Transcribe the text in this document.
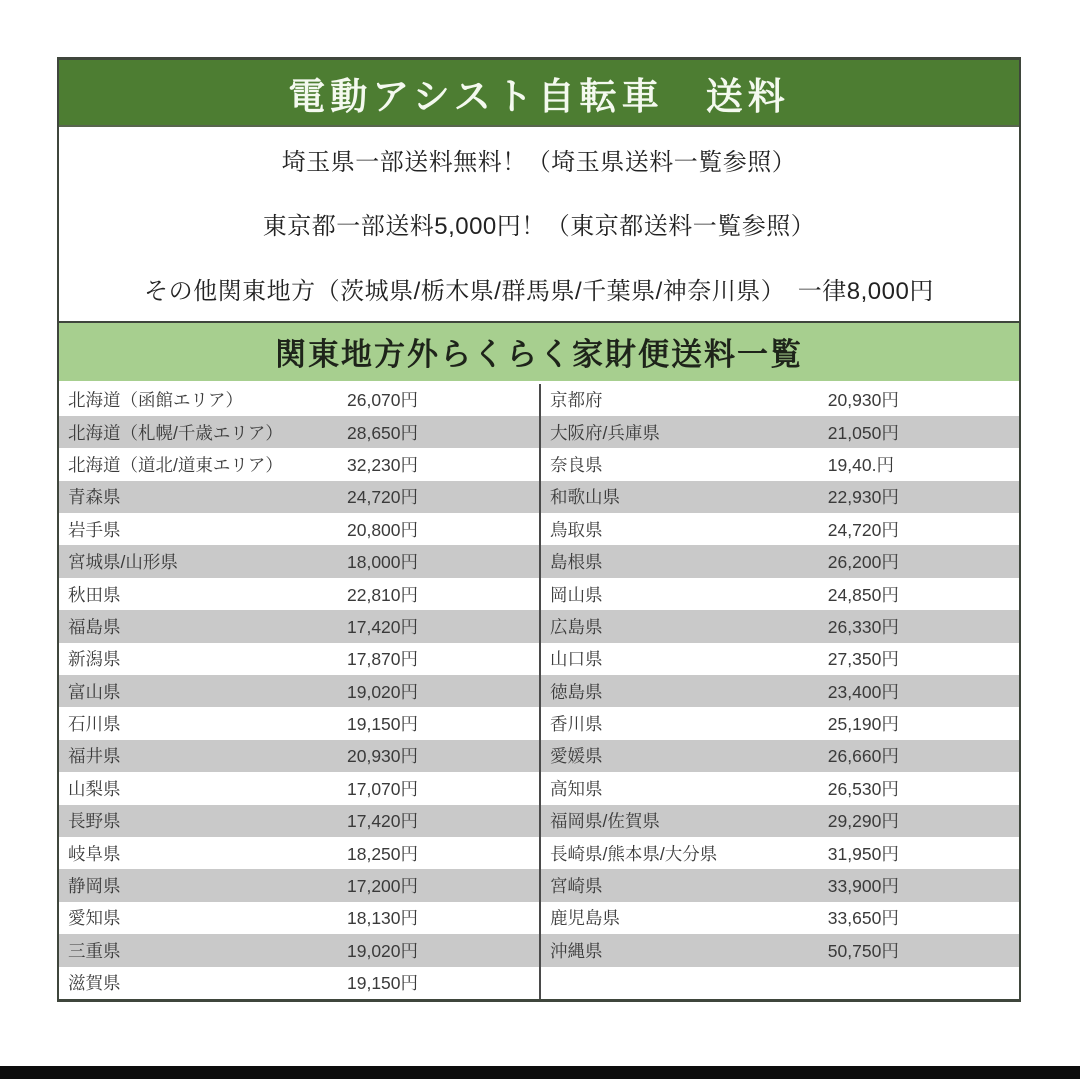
電動アシスト自転車　送料
埼玉県一部送料無料！（埼玉県送料一覧参照）
東京都一部送料5,000円！（東京都送料一覧参照）
その他関東地方（茨城県/栃木県/群馬県/千葉県/神奈川県）　一律8,000円
関東地方外らくらく家財便送料一覧
北海道（函館エリア）	26,070円
北海道（札幌/千歳エリア）	28,650円
北海道（道北/道東エリア）	32,230円
青森県	24,720円
岩手県	20,800円
宮城県/山形県	18,000円
秋田県	22,810円
福島県	17,420円
新潟県	17,870円
富山県	19,020円
石川県	19,150円
福井県	20,930円
山梨県	17,070円
長野県	17,420円
岐阜県	18,250円
静岡県	17,200円
愛知県	18,130円
三重県	19,020円
滋賀県	19,150円
京都府	20,930円
大阪府/兵庫県	21,050円
奈良県	19,40.円
和歌山県	22,930円
鳥取県	24,720円
島根県	26,200円
岡山県	24,850円
広島県	26,330円
山口県	27,350円
徳島県	23,400円
香川県	25,190円
愛媛県	26,660円
高知県	26,530円
福岡県/佐賀県	29,290円
長崎県/熊本県/大分県	31,950円
宮崎県	33,900円
鹿児島県	33,650円
沖縄県	50,750円
